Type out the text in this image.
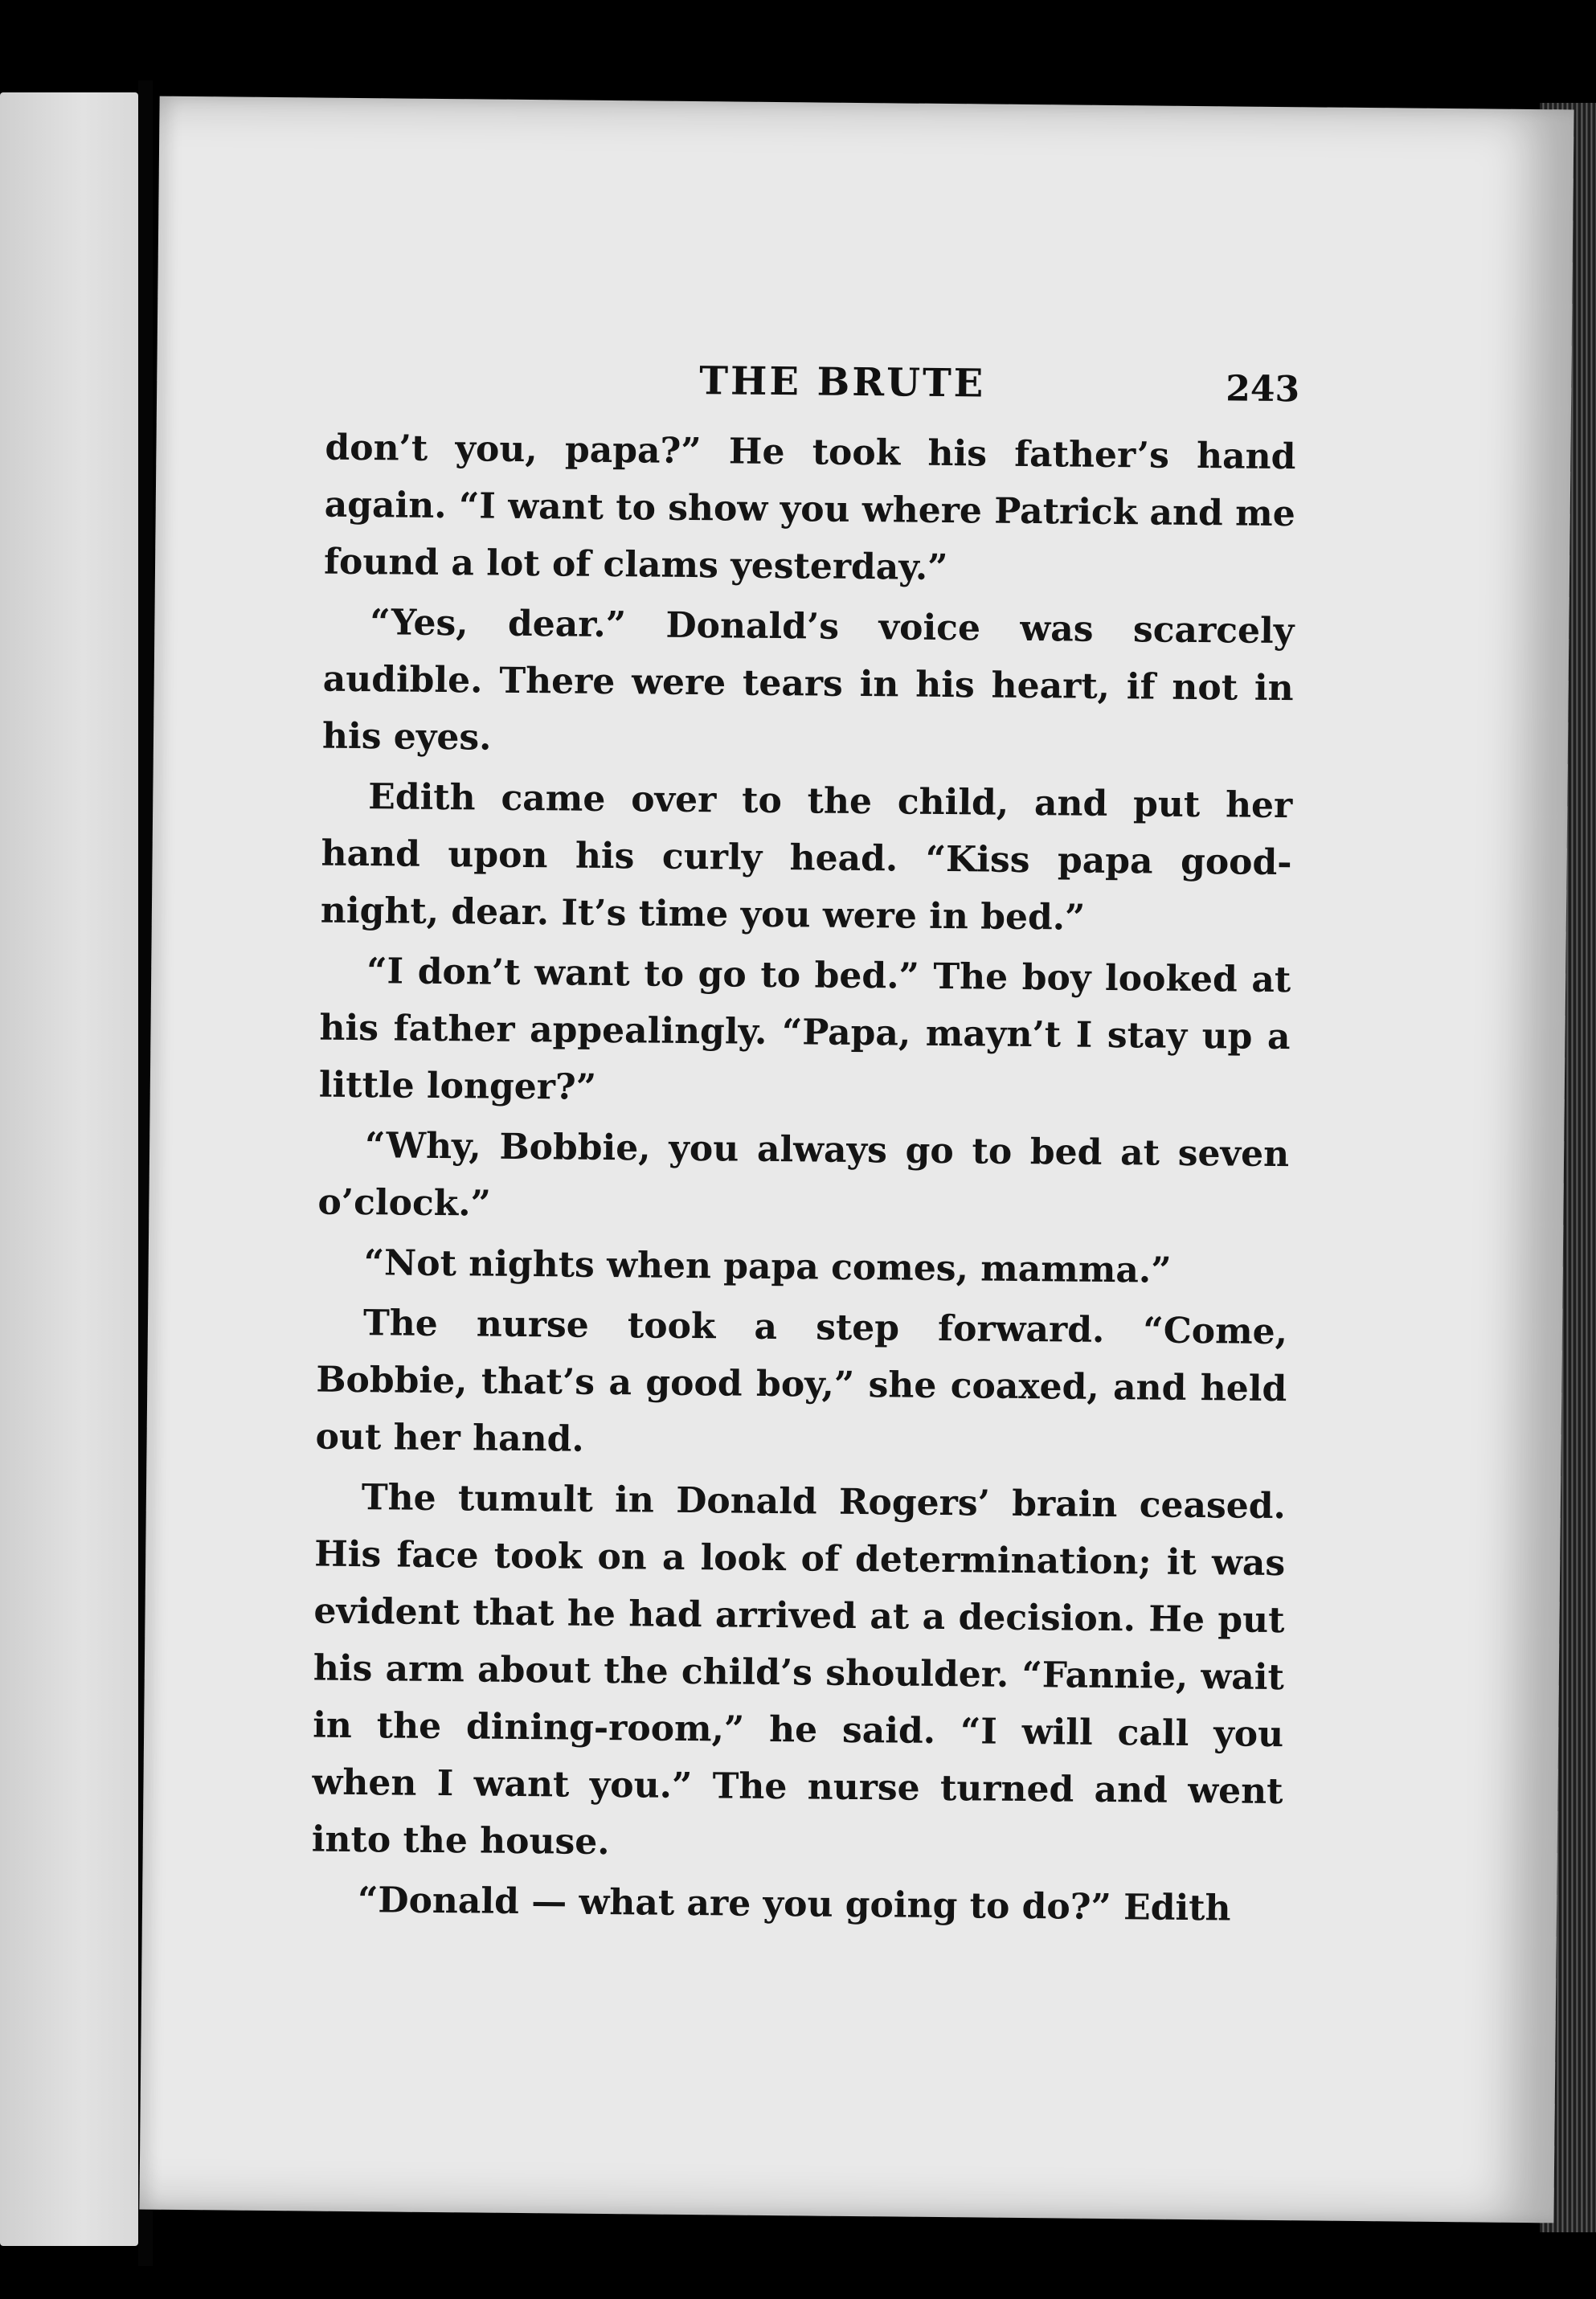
THE BRUTE	243

don’t you, papa?” He took his father’s hand again. “I want to show you where Patrick and me found a lot of clams yesterday.”

“Yes, dear.” Donald’s voice was scarcely audible. There were tears in his heart, if not in his eyes.

Edith came over to the child, and put her hand upon his curly head. “Kiss papa good-night, dear. It’s time you were in bed.”

“I don’t want to go to bed.” The boy looked at his father appealingly. “Papa, mayn’t I stay up a little longer?”

“Why, Bobbie, you always go to bed at seven o’clock.”

“Not nights when papa comes, mamma.”

The nurse took a step forward. “Come, Bobbie, that’s a good boy,” she coaxed, and held out her hand.

The tumult in Donald Rogers’ brain ceased. His face took on a look of determination; it was evident that he had arrived at a decision. He put his arm about the child’s shoulder. “Fannie, wait in the dining-room,” he said. “I will call you when I want you.” The nurse turned and went into the house.

“Donald — what are you going to do?” Edith
